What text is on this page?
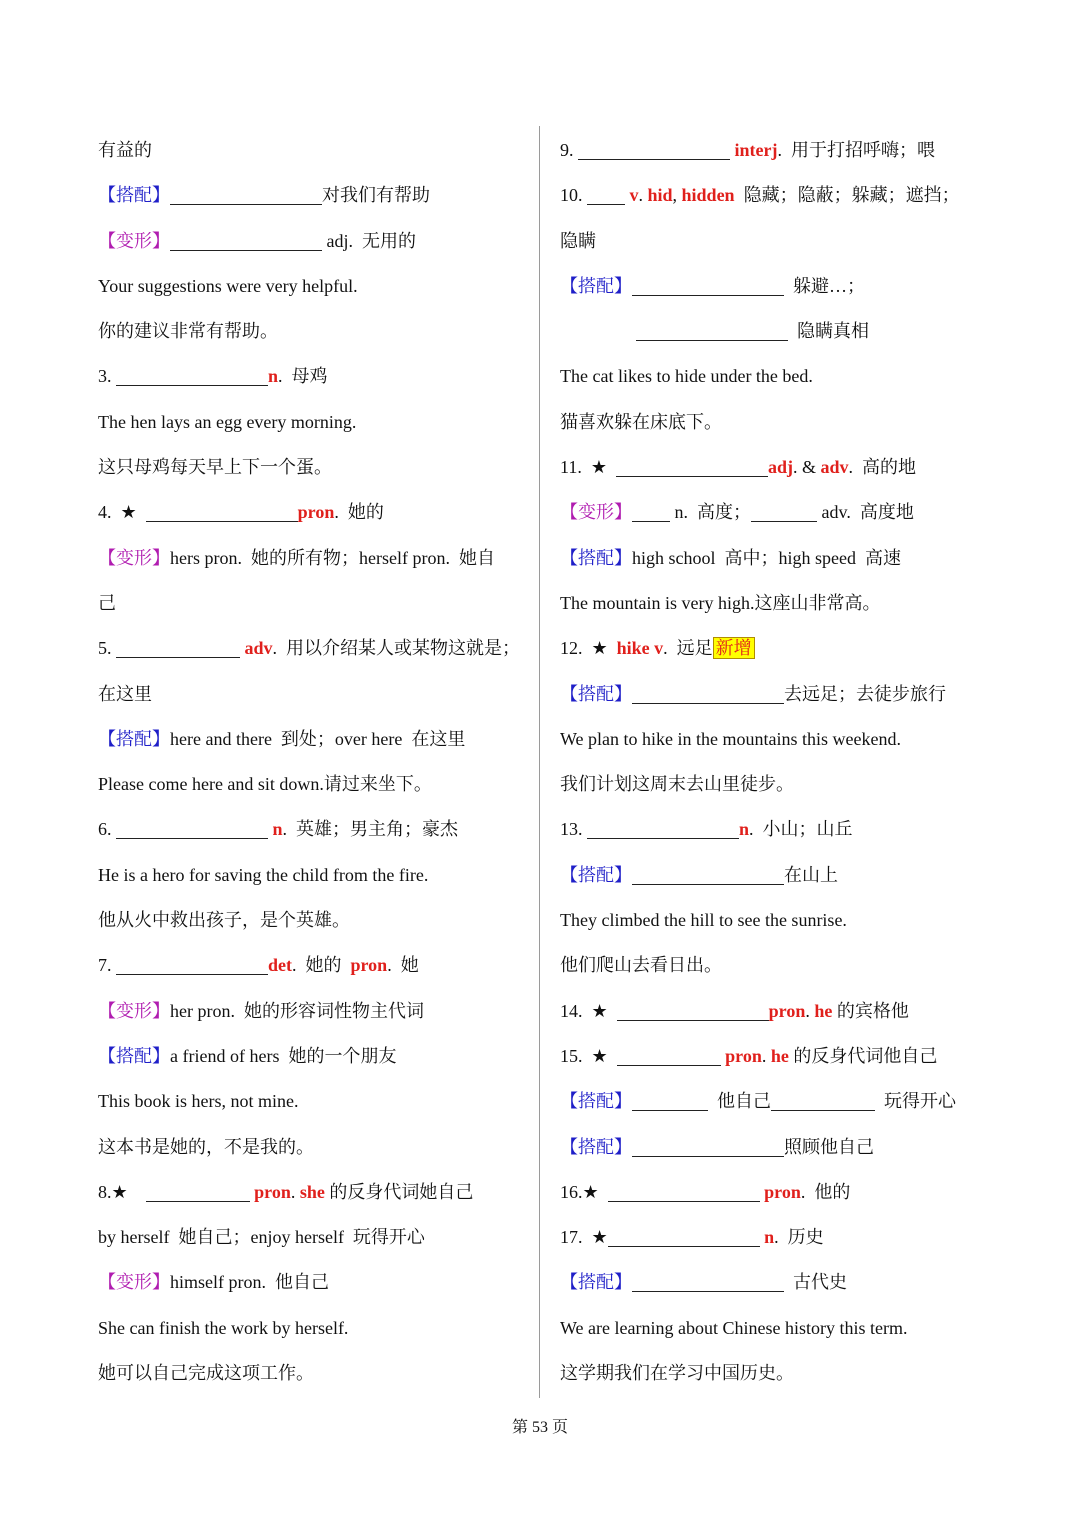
有益的
【搭配】	对我们有帮助
【变形】	adj.  无用的
Your suggestions were very helpful.
你的建议非常有帮助。
3.	n.  母鸡
The hen lays an egg every morning.
这只母鸡每天早上下一个蛋。
4.  ★	pron.  她的
【变形】hers pron.  她的所有物；herself pron.  她自
己
5.	adv.  用以介绍某人或某物这就是；
在这里
【搭配】here and there  到处；over here  在这里
Please come here and sit down.请过来坐下。
6.	n.  英雄；男主角；豪杰
He is a hero for saving the child from the fire.
他从火中救出孩子，是个英雄。
7.	det.  她的  pron.  她
【变形】her pron.  她的形容词性物主代词
【搭配】a friend of hers  她的一个朋友
This book is hers, not mine.
这本书是她的，不是我的。
8.★	pron. she 的反身代词她自己
by herself  她自己；enjoy herself  玩得开心
【变形】himself pron.  他自己
She can finish the work by herself.
她可以自己完成这项工作。
9.	interj.  用于打招呼嗨；喂
10.  v. hid, hidden  隐藏；隐蔽；躲藏；遮挡；
隐瞒
【搭配】	躲避…；
隐瞒真相
The cat likes to hide under the bed.
猫喜欢躲在床底下。
11.  ★	adj. & adv.  高的地
【变形】 n.  高度；	adv.  高度地
【搭配】high school  高中；high speed  高速
The mountain is very high.这座山非常高。
12.  ★  hike v.  远足 新增
【搭配】	去远足；去徒步旅行
We plan to hike in the mountains this weekend.
我们计划这周末去山里徒步。
13.	n.  小山；山丘
【搭配】	在山上
They climbed the hill to see the sunrise.
他们爬山去看日出。
14.  ★	pron. he 的宾格他
15.  ★	pron. he 的反身代词他自己
【搭配】	他自己	玩得开心
【搭配】	照顾他自己
16.★	pron.  他的
17.  ★	n.  历史
【搭配】	古代史
We are learning about Chinese history this term.
这学期我们在学习中国历史。
第 53 页
